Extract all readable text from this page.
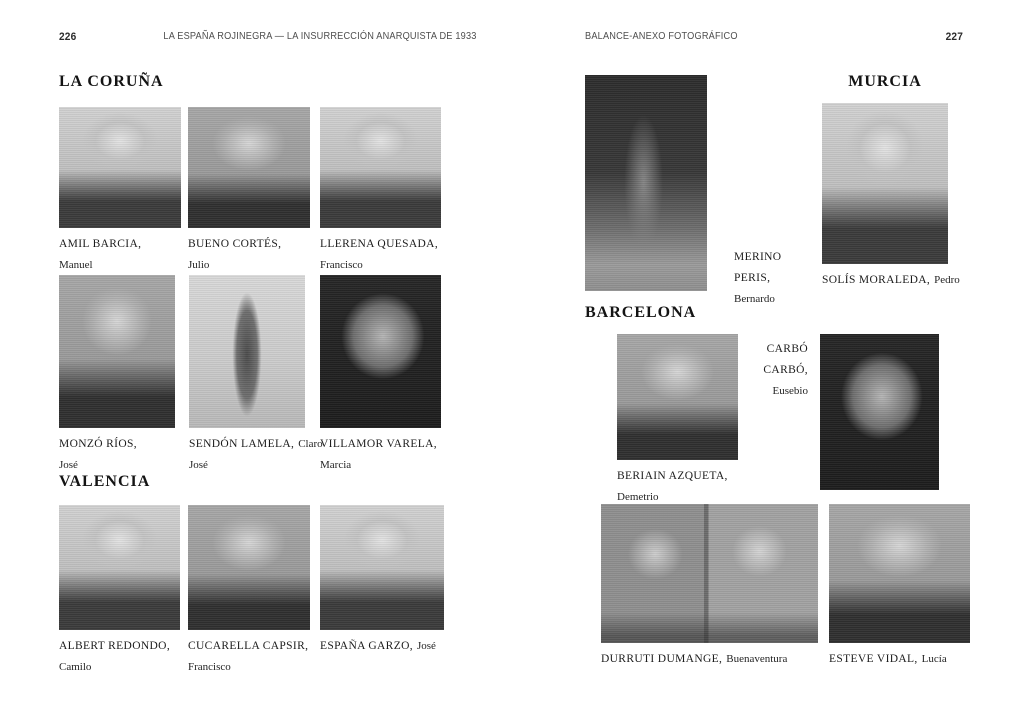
226	LA ESPAÑA ROJINEGRA — LA INSURRECCIÓN ANARQUISTA DE 1933
LA CORUÑA
AMIL BARCIA,
Manuel
BUENO CORTÉS,
Julio
LLERENA QUESADA,
Francisco
MONZÓ RÍOS,
José
SENDÓN LAMELA, Claro
José
VILLAMOR VARELA,
Marcia
VALENCIA
ALBERT REDONDO,
Camilo
CUCARELLA CAPSIR,
Francisco
ESPAÑA GARZO, José
BALANCE-ANEXO FOTOGRÁFICO	227
MERINO
PERIS,
Bernardo
MURCIA
SOLÍS MORALEDA, Pedro
BARCELONA
BERIAIN AZQUETA,
Demetrio
CARBÓ
CARBÓ,
Eusebio
DURRUTI DUMANGE, Buenaventura	ESTEVE VIDAL, Lucía
